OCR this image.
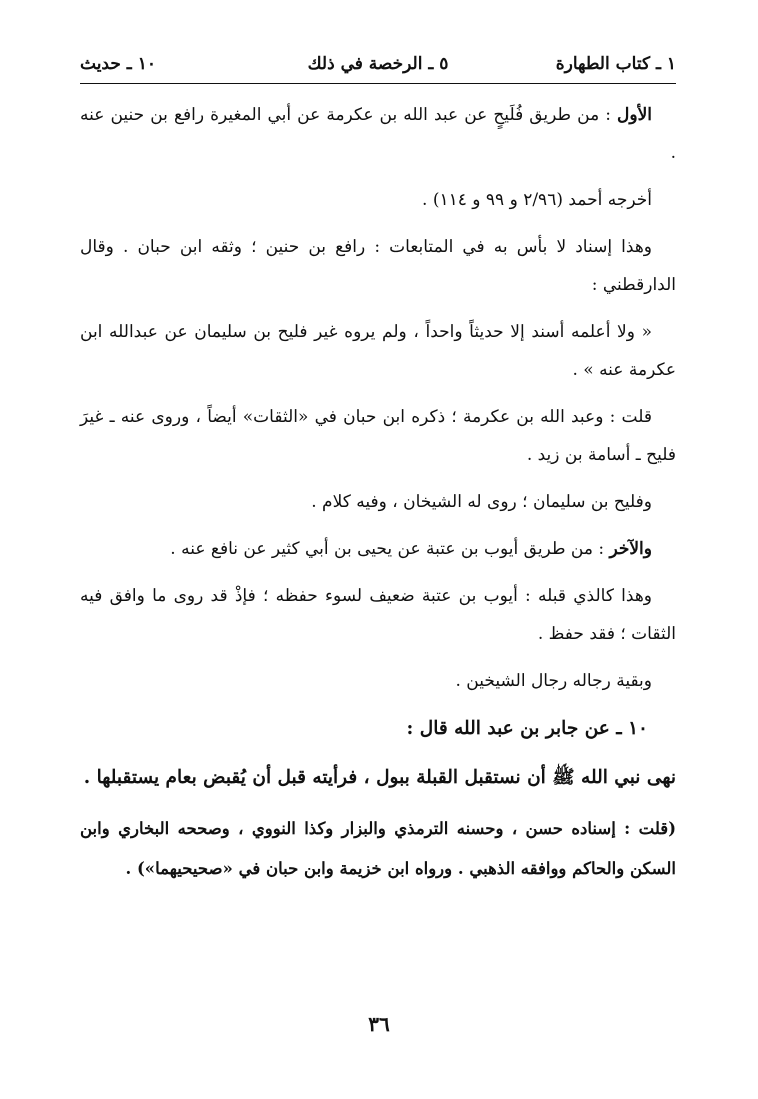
١ ـ كتاب الطهارة
٥ ـ الرخصة في ذلك
١٠ ـ حديث

الأول : من طريق فُلَيحٍ عن عبد الله بن عكرمة عن أبي المغيرة رافع بن حنين عنه .

أخرجه أحمد (٢/٩٦ و ٩٩ و ١١٤) .

وهذا إسناد لا بأس به في المتابعات : رافع بن حنين ؛ وثقه ابن حبان . وقال الدارقطني :

« ولا أعلمه أسند إلا حديثاً واحداً ، ولم يروه غير فليح بن سليمان عن عبدالله ابن عكرمة عنه » .

قلت : وعبد الله بن عكرمة ؛ ذكره ابن حبان في «الثقات» أيضاً ، وروى عنه ـ غيرَ فليح ـ أسامة بن زيد .

وفليح بن سليمان ؛ روى له الشيخان ، وفيه كلام .

والآخر : من طريق أيوب بن عتبة عن يحيى بن أبي كثير عن نافع عنه .

وهذا كالذي قبله : أيوب بن عتبة ضعيف لسوء حفظه ؛ فإذْ قد روى ما وافق فيه الثقات ؛ فقد حفظ .

وبقية رجاله رجال الشيخين .

١٠ ـ عن جابر بن عبد الله قال :

نهى نبي الله ﷺ أن نستقبل القبلة ببول ، فرأيته قبل أن يُقبض بعام يستقبلها .

(قلت : إسناده حسن ، وحسنه الترمذي والبزار وكذا النووي ، وصححه البخاري وابن السكن والحاكم ووافقه الذهبي . ورواه ابن خزيمة وابن حبان في «صحيحيهما») .

٣٦
